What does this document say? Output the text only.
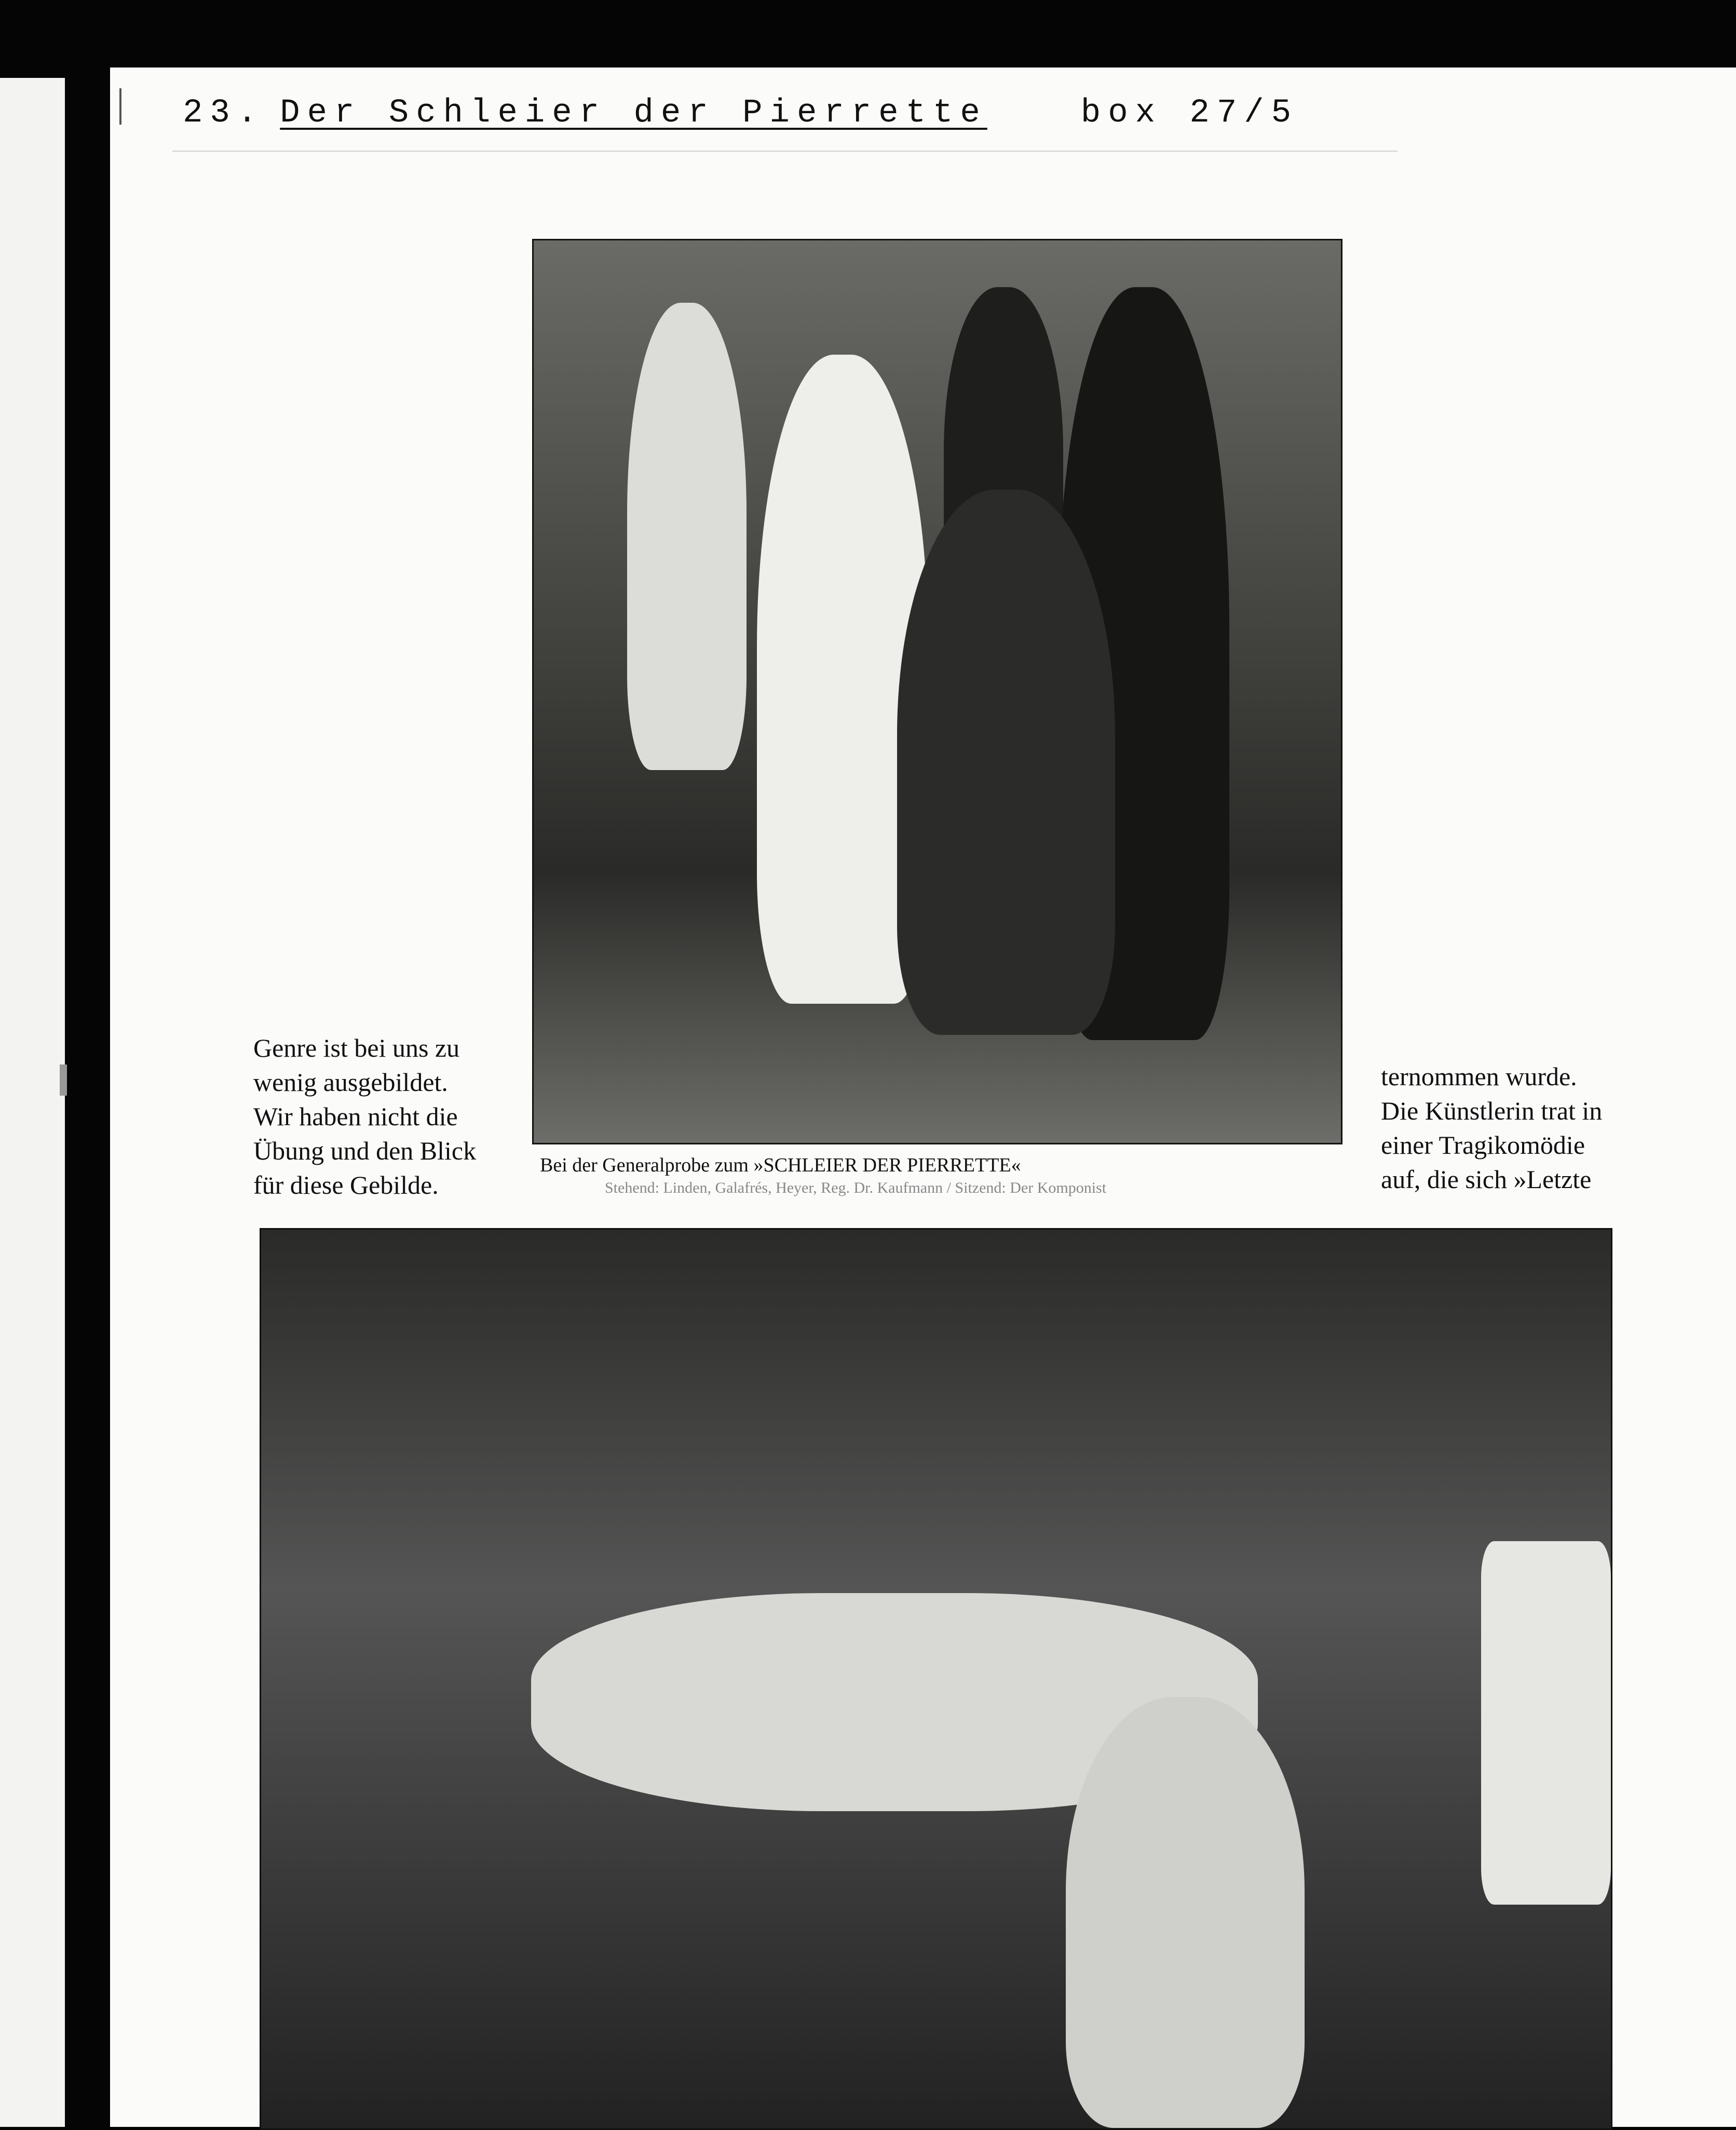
23. Der Schleier der Pierrette	box 27/5

Genre ist bei uns zu

wenig ausgebildet.

Wir haben nicht die

Übung und den Blick

für diese Gebilde.

ternommen wurde.

Die Künstlerin trat in

einer Tragikomödie

auf, die sich »Letzte

Bei der Generalprobe zum »SCHLEIER DER PIERRETTE«
Stehend: Linden, Galafrés, Heyer, Reg. Dr. Kaufmann / Sitzend: Der Komponist
